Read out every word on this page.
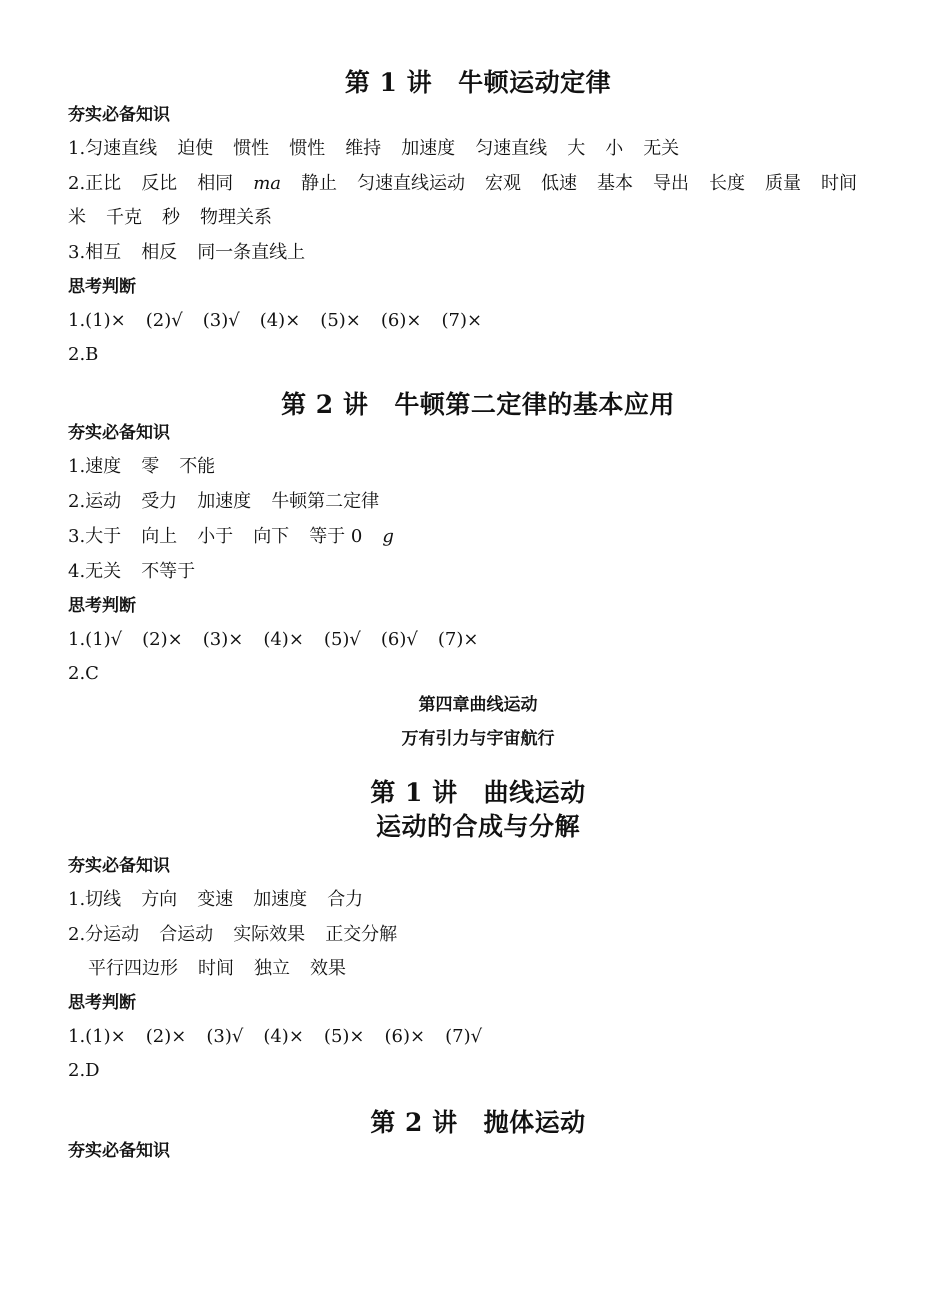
第 1 讲 牛顿运动定律
夯实必备知识
1.匀速直线 迫使 惯性 惯性 维持 加速度 匀速直线 大 小 无关
2.正比 反比 相同 ma 静止 匀速直线运动 宏观 低速 基本 导出 长度 质量 时间
米 千克 秒 物理关系
3.相互 相反 同一条直线上
思考判断
1.(1)× (2)√ (3)√ (4)× (5)× (6)× (7)×
2.B
第 2 讲 牛顿第二定律的基本应用
夯实必备知识
1.速度 零 不能
2.运动 受力 加速度 牛顿第二定律
3.大于 向上 小于 向下 等于 0 g
4.无关 不等于
思考判断
1.(1)√ (2)× (3)× (4)× (5)√ (6)√ (7)×
2.C
第四章曲线运动
万有引力与宇宙航行
第 1 讲 曲线运动
运动的合成与分解
夯实必备知识
1.切线 方向 变速 加速度 合力
2.分运动 合运动 实际效果 正交分解
平行四边形 时间 独立 效果
思考判断
1.(1)× (2)× (3)√ (4)× (5)× (6)× (7)√
2.D
第 2 讲 抛体运动
夯实必备知识
